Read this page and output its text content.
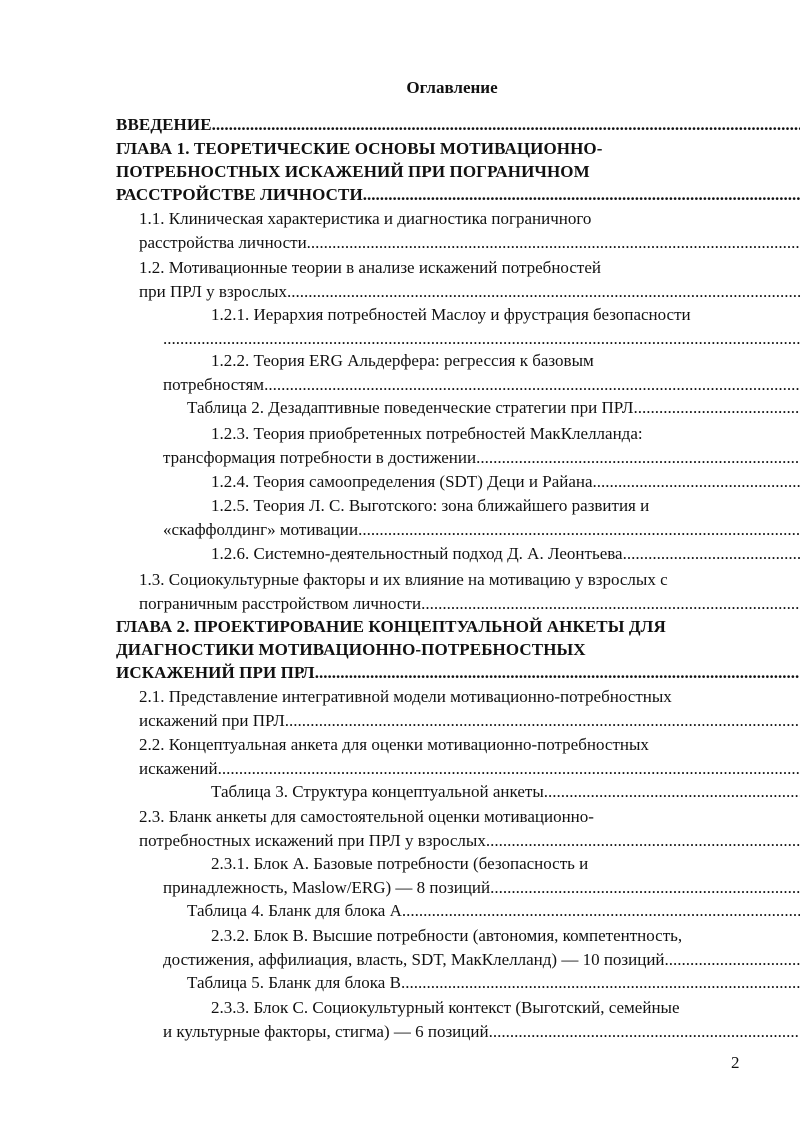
Оглавление
ВВЕДЕНИЕ .....
ГЛАВА 1. ТЕОРЕТИЧЕСКИЕ ОСНОВЫ МОТИВАЦИОННО-
ПОТРЕБНОСТНЫХ ИСКАЖЕНИЙ ПРИ ПОГРАНИЧНОМ
РАССТРОЙСТВЕ ЛИЧНОСТИ .....
1.1. Клиническая характеристика и диагностика пограничного
расстройства личности .....
1.2. Мотивационные теории в анализе искажений потребностей
при ПРЛ у взрослых .....
1.2.1. Иерархия потребностей Маслоу и фрустрация безопасности
.....
1.2.2. Теория ERG Альдерфера: регрессия к базовым
потребностям .....
Таблица 2. Дезадаптивные поведенческие стратегии при ПРЛ .....
1.2.3. Теория приобретенных потребностей МакКлелланда:
трансформация потребности в достижении .....
1.2.4. Теория самоопределения (SDT) Деци и Райана .....
1.2.5. Теория Л. С. Выготского: зона ближайшего развития и
«скаффолдинг» мотивации .....
1.2.6. Системно-деятельностный подход Д. А. Леонтьева .....
1.3. Социокультурные факторы и их влияние на мотивацию у взрослых с
пограничным расстройством личности .....
ГЛАВА 2. ПРОЕКТИРОВАНИЕ КОНЦЕПТУАЛЬНОЙ АНКЕТЫ ДЛЯ
ДИАГНОСТИКИ МОТИВАЦИОННО-ПОТРЕБНОСТНЫХ
ИСКАЖЕНИЙ ПРИ ПРЛ .....
2.1. Представление интегративной модели мотивационно-потребностных
искажений при ПРЛ .....
2.2. Концептуальная анкета для оценки мотивационно-потребностных
искажений .....
Таблица 3. Структура концептуальной анкеты .....
2.3. Бланк анкеты для самостоятельной оценки мотивационно-
потребностных искажений при ПРЛ у взрослых .....
2.3.1. Блок А. Базовые потребности (безопасность и
принадлежность, Maslow/ERG) — 8 позиций .....
Таблица 4. Бланк для блока А .....
2.3.2. Блок В. Высшие потребности (автономия, компетентность,
достижения, аффилиация, власть, SDT, МакКлелланд) — 10 позиций .....
Таблица 5. Бланк для блока В .....
2.3.3. Блок С. Социокультурный контекст (Выготский, семейные
и культурные факторы, стигма) — 6 позиций .....
2
